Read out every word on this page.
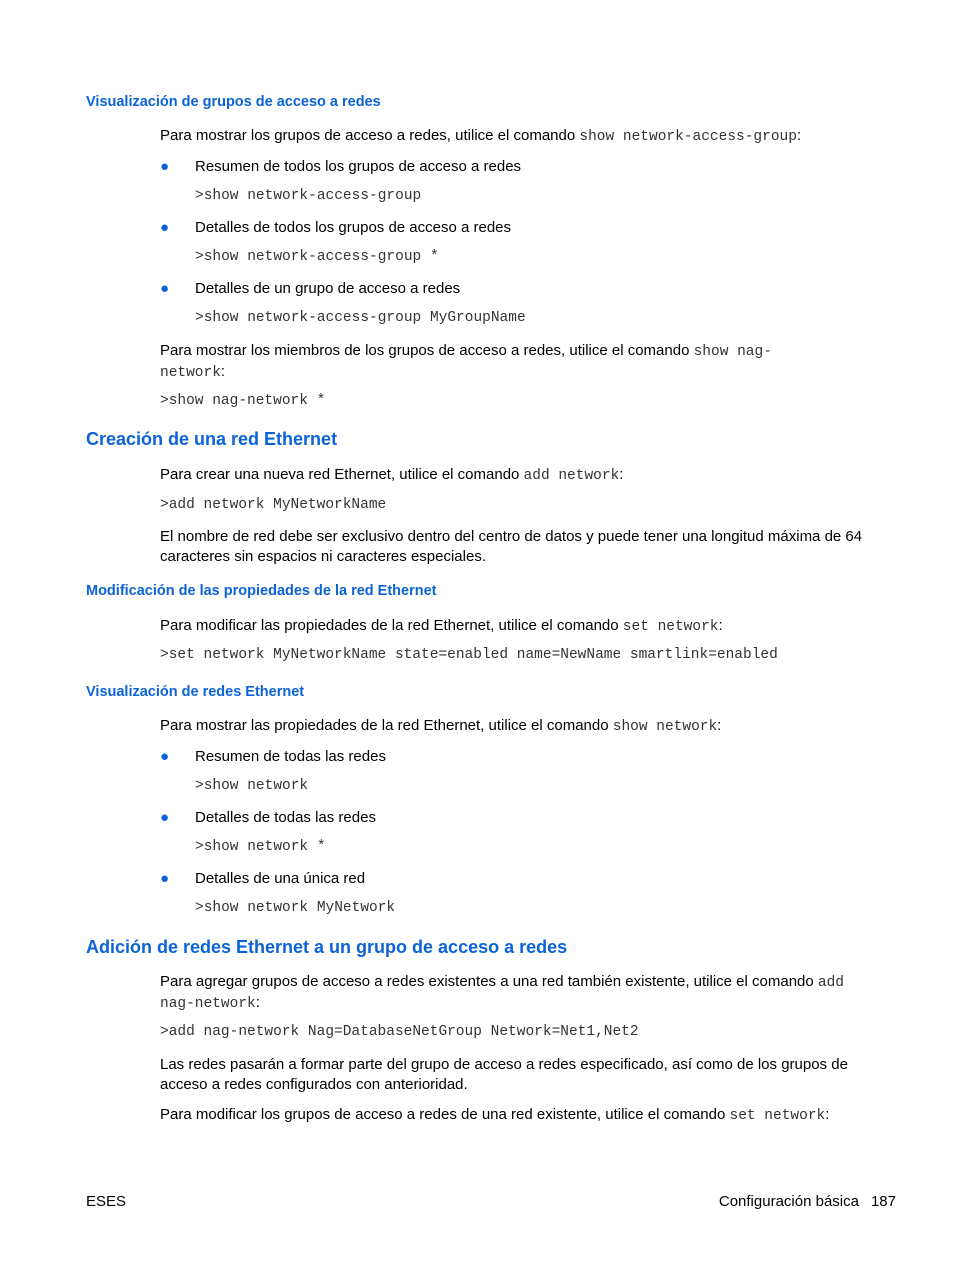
Visualización de grupos de acceso a redes

Para mostrar los grupos de acceso a redes, utilice el comando show network-access-group:

● Resumen de todos los grupos de acceso a redes
>show network-access-group
● Detalles de todos los grupos de acceso a redes
>show network-access-group *
● Detalles de un grupo de acceso a redes
>show network-access-group MyGroupName

Para mostrar los miembros de los grupos de acceso a redes, utilice el comando show nag-
network:

>show nag-network *
Creación de una red Ethernet

Para crear una nueva red Ethernet, utilice el comando add network:

>add network MyNetworkName

El nombre de red debe ser exclusivo dentro del centro de datos y puede tener una longitud máxima de 64 caracteres sin espacios ni caracteres especiales.

Modificación de las propiedades de la red Ethernet

Para modificar las propiedades de la red Ethernet, utilice el comando set network:

>set network MyNetworkName state=enabled name=NewName smartlink=enabled
Visualización de redes Ethernet

Para mostrar las propiedades de la red Ethernet, utilice el comando show network:

● Resumen de todas las redes
>show network
● Detalles de todas las redes
>show network *
● Detalles de una única red
>show network MyNetwork
Adición de redes Ethernet a un grupo de acceso a redes

Para agregar grupos de acceso a redes existentes a una red también existente, utilice el comando add nag-network:

>add nag-network Nag=DatabaseNetGroup Network=Net1,Net2

Las redes pasarán a formar parte del grupo de acceso a redes especificado, así como de los grupos de acceso a redes configurados con anterioridad.

Para modificar los grupos de acceso a redes de una red existente, utilice el comando set network:

ESES	Configuración básica 187
